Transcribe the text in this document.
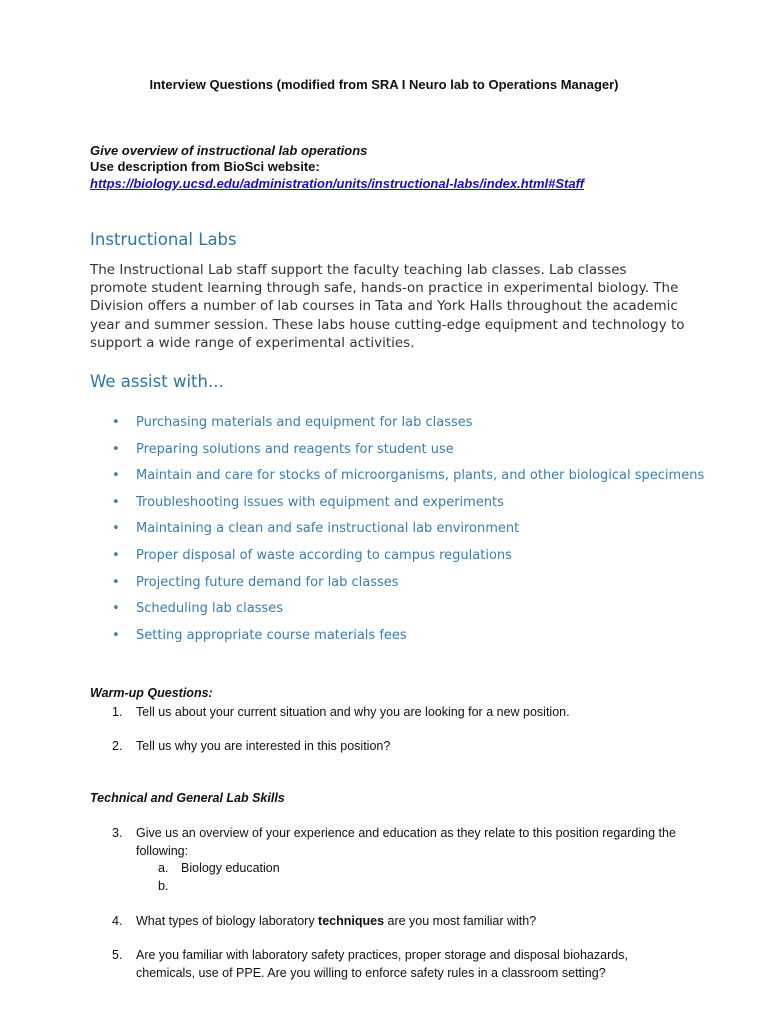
Interview Questions (modified from SRA I Neuro lab to Operations Manager)
Give overview of instructional lab operations
Use description from BioSci website:
https://biology.ucsd.edu/administration/units/instructional-labs/index.html#Staff
Instructional Labs
The Instructional Lab staff support the faculty teaching lab classes. Lab classes
promote student learning through safe, hands-on practice in experimental biology. The
Division offers a number of lab courses in Tata and York Halls throughout the academic
year and summer session. These labs house cutting-edge equipment and technology to
support a wide range of experimental activities.
We assist with...
• Purchasing materials and equipment for lab classes
• Preparing solutions and reagents for student use
• Maintain and care for stocks of microorganisms, plants, and other biological specimens
• Troubleshooting issues with equipment and experiments
• Maintaining a clean and safe instructional lab environment
• Proper disposal of waste according to campus regulations
• Projecting future demand for lab classes
• Scheduling lab classes
• Setting appropriate course materials fees
Warm-up Questions:
1. Tell us about your current situation and why you are looking for a new position.
2. Tell us why you are interested in this position?
Technical and General Lab Skills
3. Give us an overview of your experience and education as they relate to this position regarding the following:
a. Biology education
b.
4. What types of biology laboratory techniques are you most familiar with?
5. Are you familiar with laboratory safety practices, proper storage and disposal biohazards, chemicals, use of PPE. Are you willing to enforce safety rules in a classroom setting?
